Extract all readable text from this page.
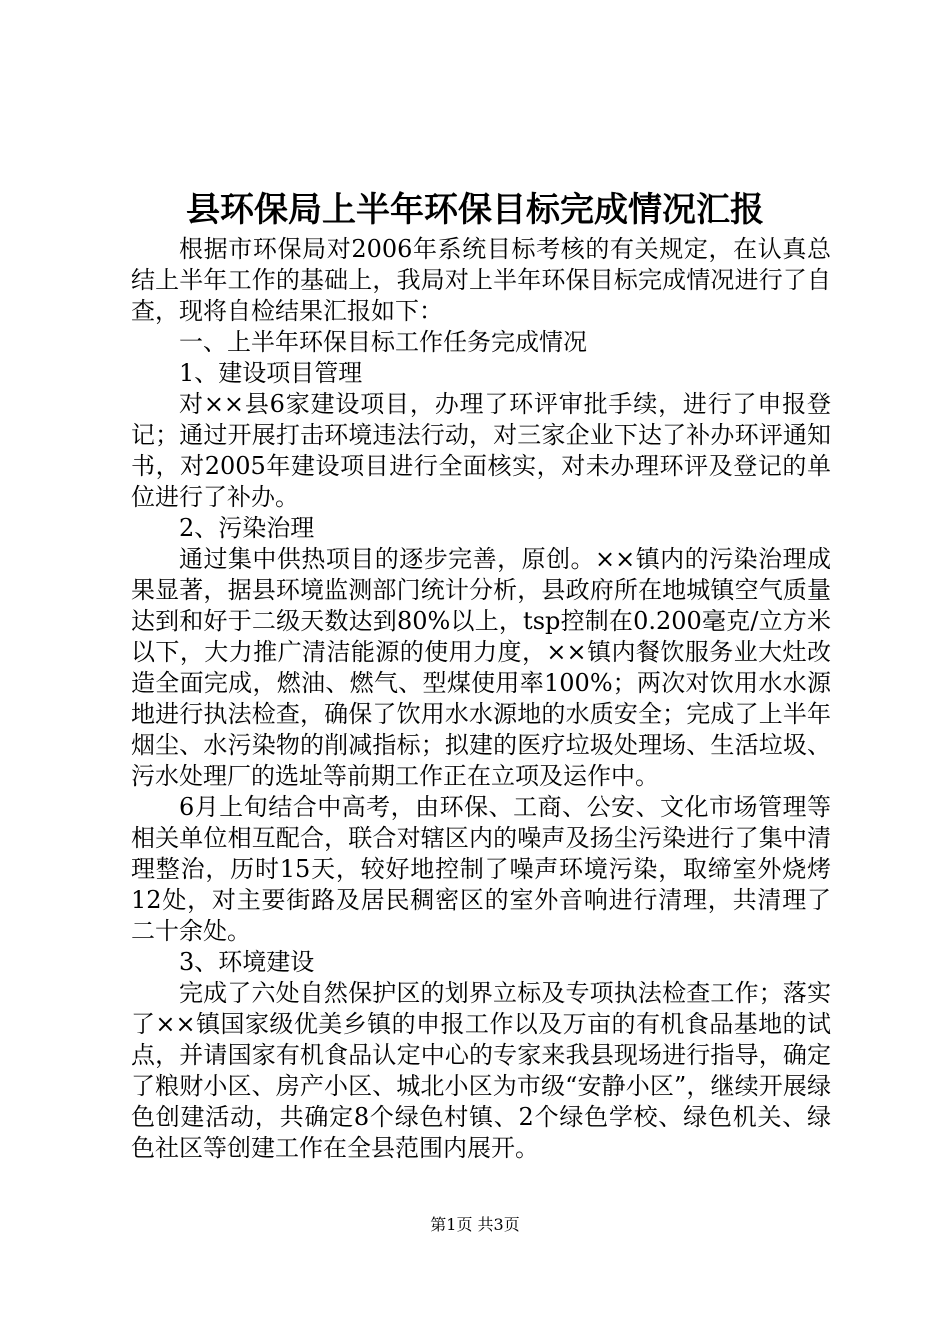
县环保局上半年环保目标完成情况汇报

根据市环保局对2006年系统目标考核的有关规定，在认真总结上半年工作的基础上，我局对上半年环保目标完成情况进行了自查，现将自检结果汇报如下：

一、上半年环保目标工作任务完成情况

1、建设项目管理

对××县6家建设项目，办理了环评审批手续，进行了申报登记；通过开展打击环境违法行动，对三家企业下达了补办环评通知书，对2005年建设项目进行全面核实，对未办理环评及登记的单位进行了补办。

2、污染治理

通过集中供热项目的逐步完善，原创。××镇内的污染治理成果显著，据县环境监测部门统计分析，县政府所在地城镇空气质量达到和好于二级天数达到80%以上，tsp控制在0.200毫克/立方米以下，大力推广清洁能源的使用力度，××镇内餐饮服务业大灶改造全面完成，燃油、燃气、型煤使用率100%；两次对饮用水水源地进行执法检查，确保了饮用水水源地的水质安全；完成了上半年烟尘、水污染物的削减指标；拟建的医疗垃圾处理场、生活垃圾、污水处理厂的选址等前期工作正在立项及运作中。

6月上旬结合中高考，由环保、工商、公安、文化市场管理等相关单位相互配合，联合对辖区内的噪声及扬尘污染进行了集中清理整治，历时15天，较好地控制了噪声环境污染，取缔室外烧烤12处，对主要街路及居民稠密区的室外音响进行清理，共清理了二十余处。

3、环境建设

完成了六处自然保护区的划界立标及专项执法检查工作；落实了××镇国家级优美乡镇的申报工作以及万亩的有机食品基地的试点，并请国家有机食品认定中心的专家来我县现场进行指导，确定了粮财小区、房产小区、城北小区为市级“安静小区”，继续开展绿色创建活动，共确定8个绿色村镇、2个绿色学校、绿色机关、绿色社区等创建工作在全县范围内展开。

第1页 共3页
